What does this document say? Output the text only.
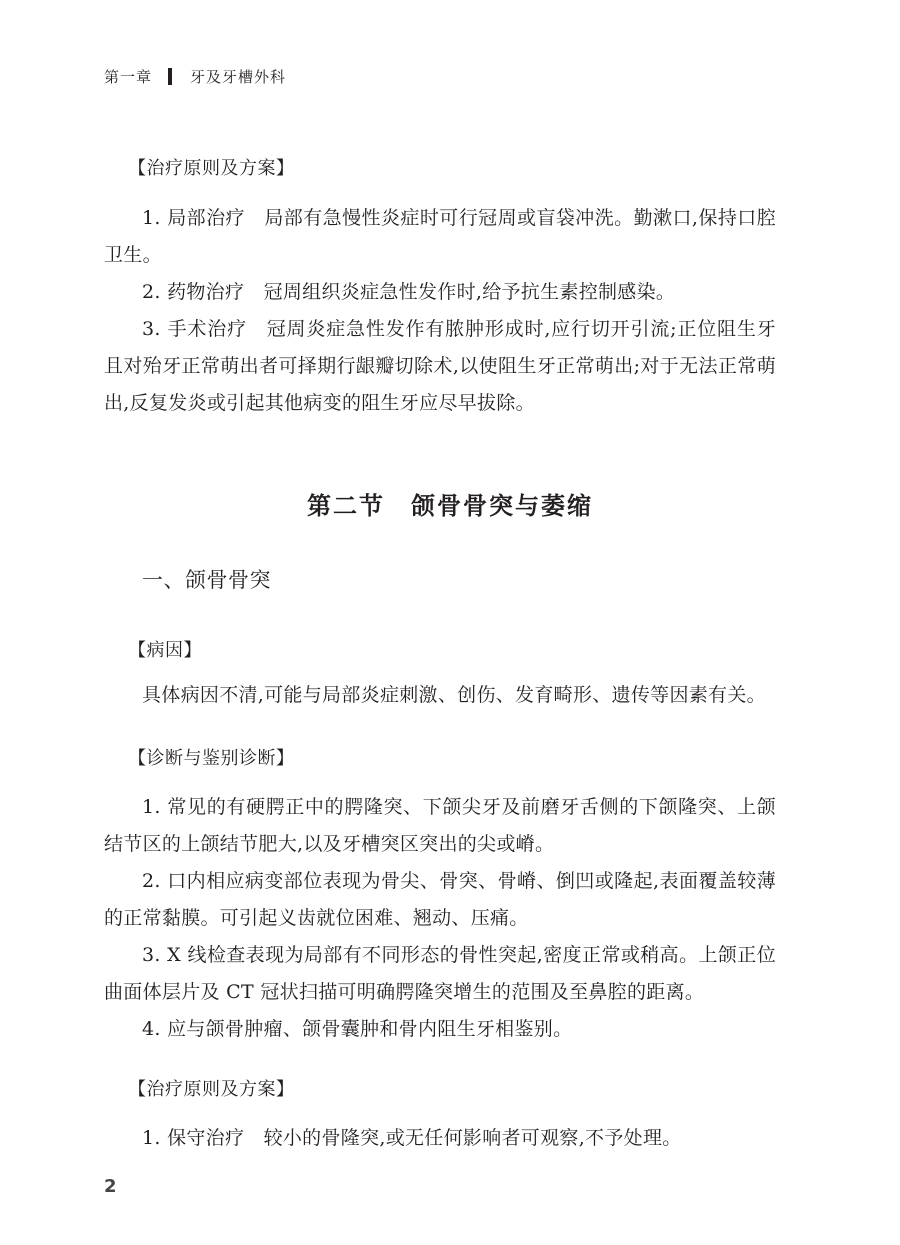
第一章	牙及牙槽外科
【治疗原则及方案】
1. 局部治疗　局部有急慢性炎症时可行冠周或盲袋冲洗。勤漱口,保持口腔卫生。
2. 药物治疗　冠周组织炎症急性发作时,给予抗生素控制感染。
3. 手术治疗　冠周炎症急性发作有脓肿形成时,应行切开引流;正位阻生牙且对殆牙正常萌出者可择期行龈瓣切除术,以使阻生牙正常萌出;对于无法正常萌出,反复发炎或引起其他病变的阻生牙应尽早拔除。
第二节　颌骨骨突与萎缩
一、颌骨骨突
【病因】
具体病因不清,可能与局部炎症刺激、创伤、发育畸形、遗传等因素有关。
【诊断与鉴别诊断】
1. 常见的有硬腭正中的腭隆突、下颌尖牙及前磨牙舌侧的下颌隆突、上颌结节区的上颌结节肥大,以及牙槽突区突出的尖或嵴。
2. 口内相应病变部位表现为骨尖、骨突、骨嵴、倒凹或隆起,表面覆盖较薄的正常黏膜。可引起义齿就位困难、翘动、压痛。
3. X 线检查表现为局部有不同形态的骨性突起,密度正常或稍高。上颌正位曲面体层片及 CT 冠状扫描可明确腭隆突增生的范围及至鼻腔的距离。
4. 应与颌骨肿瘤、颌骨囊肿和骨内阻生牙相鉴别。
【治疗原则及方案】
1. 保守治疗　较小的骨隆突,或无任何影响者可观察,不予处理。
2
